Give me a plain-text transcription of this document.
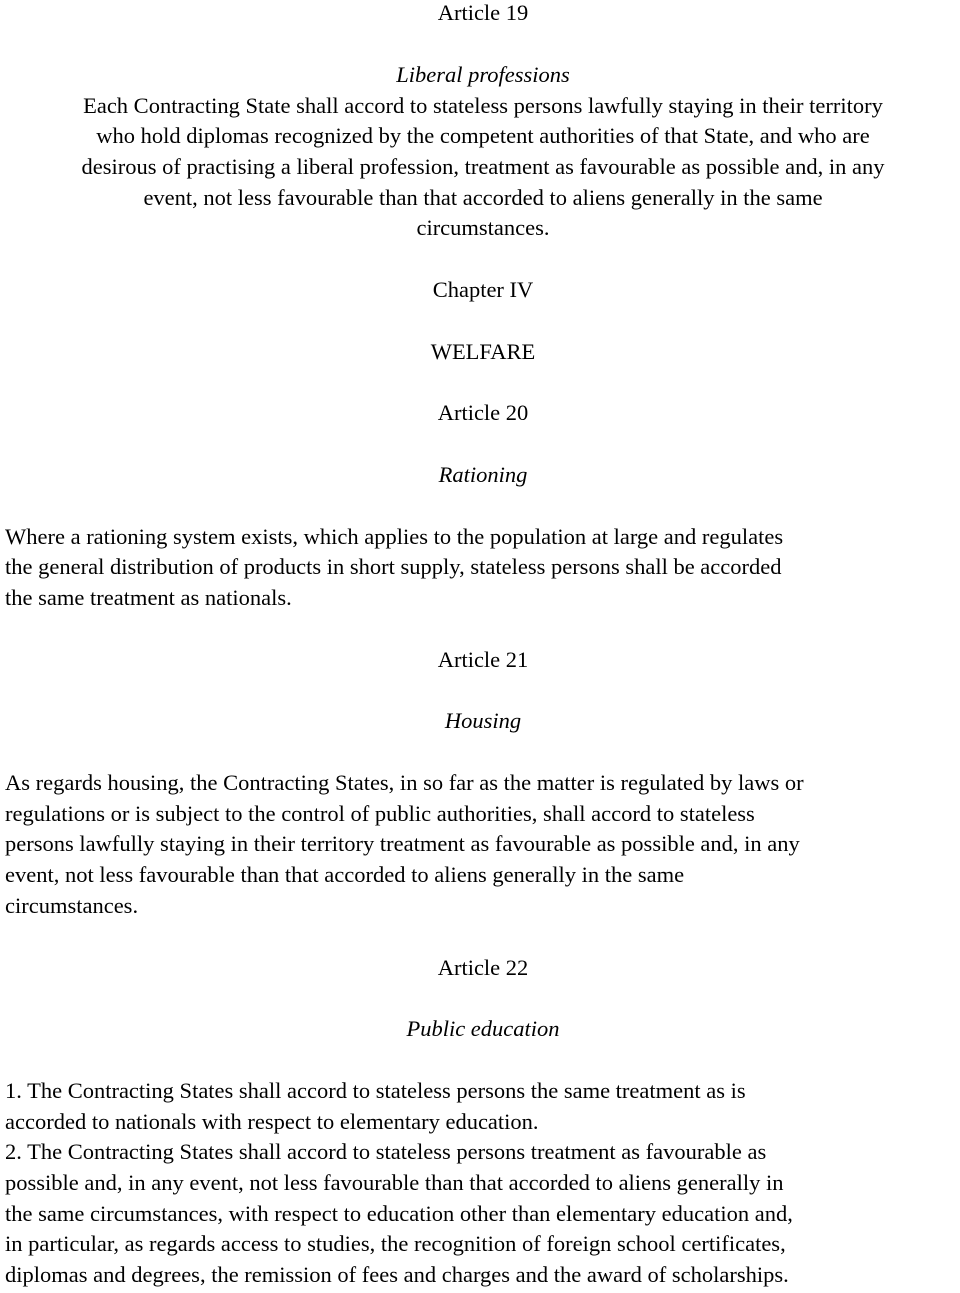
Article 19

Liberal professions

Each Contracting State shall accord to stateless persons lawfully staying in their territory

who hold diplomas recognized by the competent authorities of that State, and who are

desirous of practising a liberal profession, treatment as favourable as possible and, in any

event, not less favourable than that accorded to aliens generally in the same

circumstances.

Chapter IV

WELFARE

Article 20

Rationing

Where a rationing system exists, which applies to the population at large and regulates

the general distribution of products in short supply, stateless persons shall be accorded

the same treatment as nationals.

Article 21

Housing

As regards housing, the Contracting States, in so far as the matter is regulated by laws or

regulations or is subject to the control of public authorities, shall accord to stateless

persons lawfully staying in their territory treatment as favourable as possible and, in any

event, not less favourable than that accorded to aliens generally in the same

circumstances.

Article 22

Public education

1. The Contracting States shall accord to stateless persons the same treatment as is

accorded to nationals with respect to elementary education.

2. The Contracting States shall accord to stateless persons treatment as favourable as

possible and, in any event, not less favourable than that accorded to aliens generally in

the same circumstances, with respect to education other than elementary education and,

in particular, as regards access to studies, the recognition of foreign school certificates,

diplomas and degrees, the remission of fees and charges and the award of scholarships.
